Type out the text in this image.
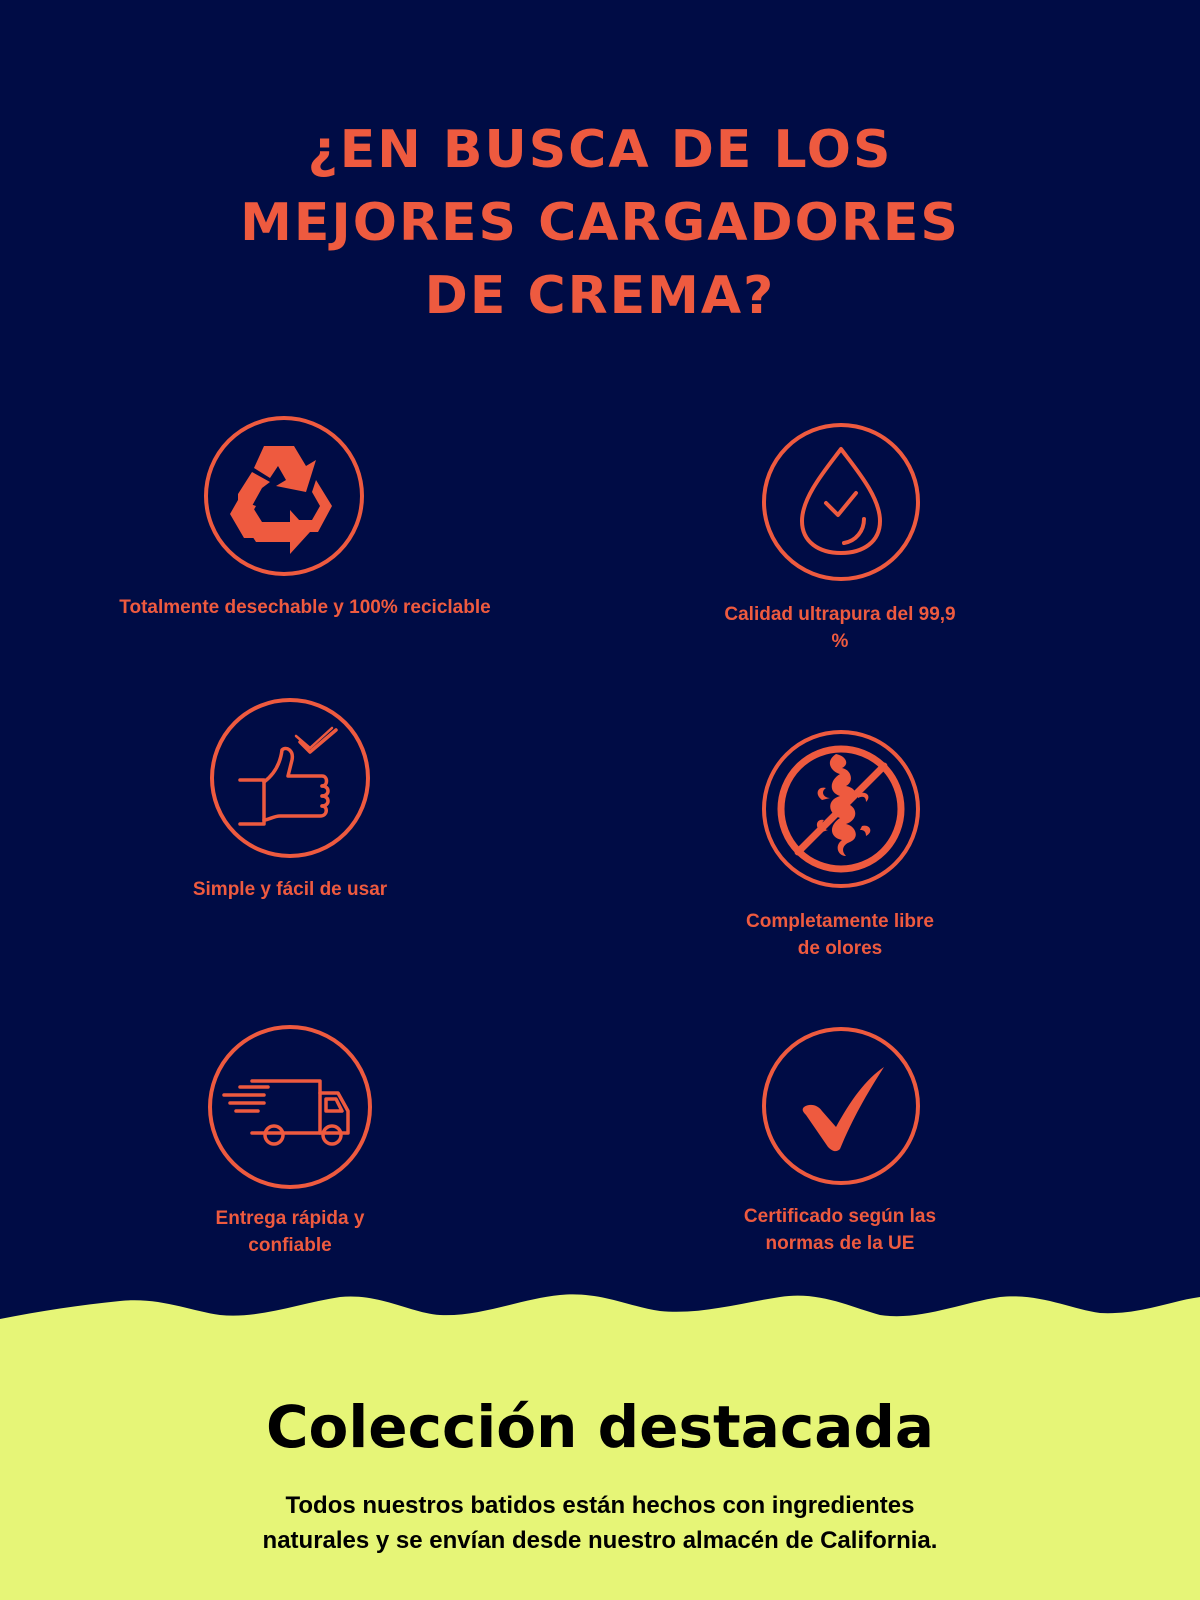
¿EN BUSCA DE LOS
MEJORES CARGADORES
DE CREMA?
Totalmente desechable y 100% reciclable	Calidad ultrapura del 99,9 %
Simple y fácil de usar
Completamente libre de olores
Entrega rápida y confiable
Certificado según las normas de la UE
Colección destacada

Todos nuestros batidos están hechos con ingredientes
naturales y se envían desde nuestro almacén de California.
